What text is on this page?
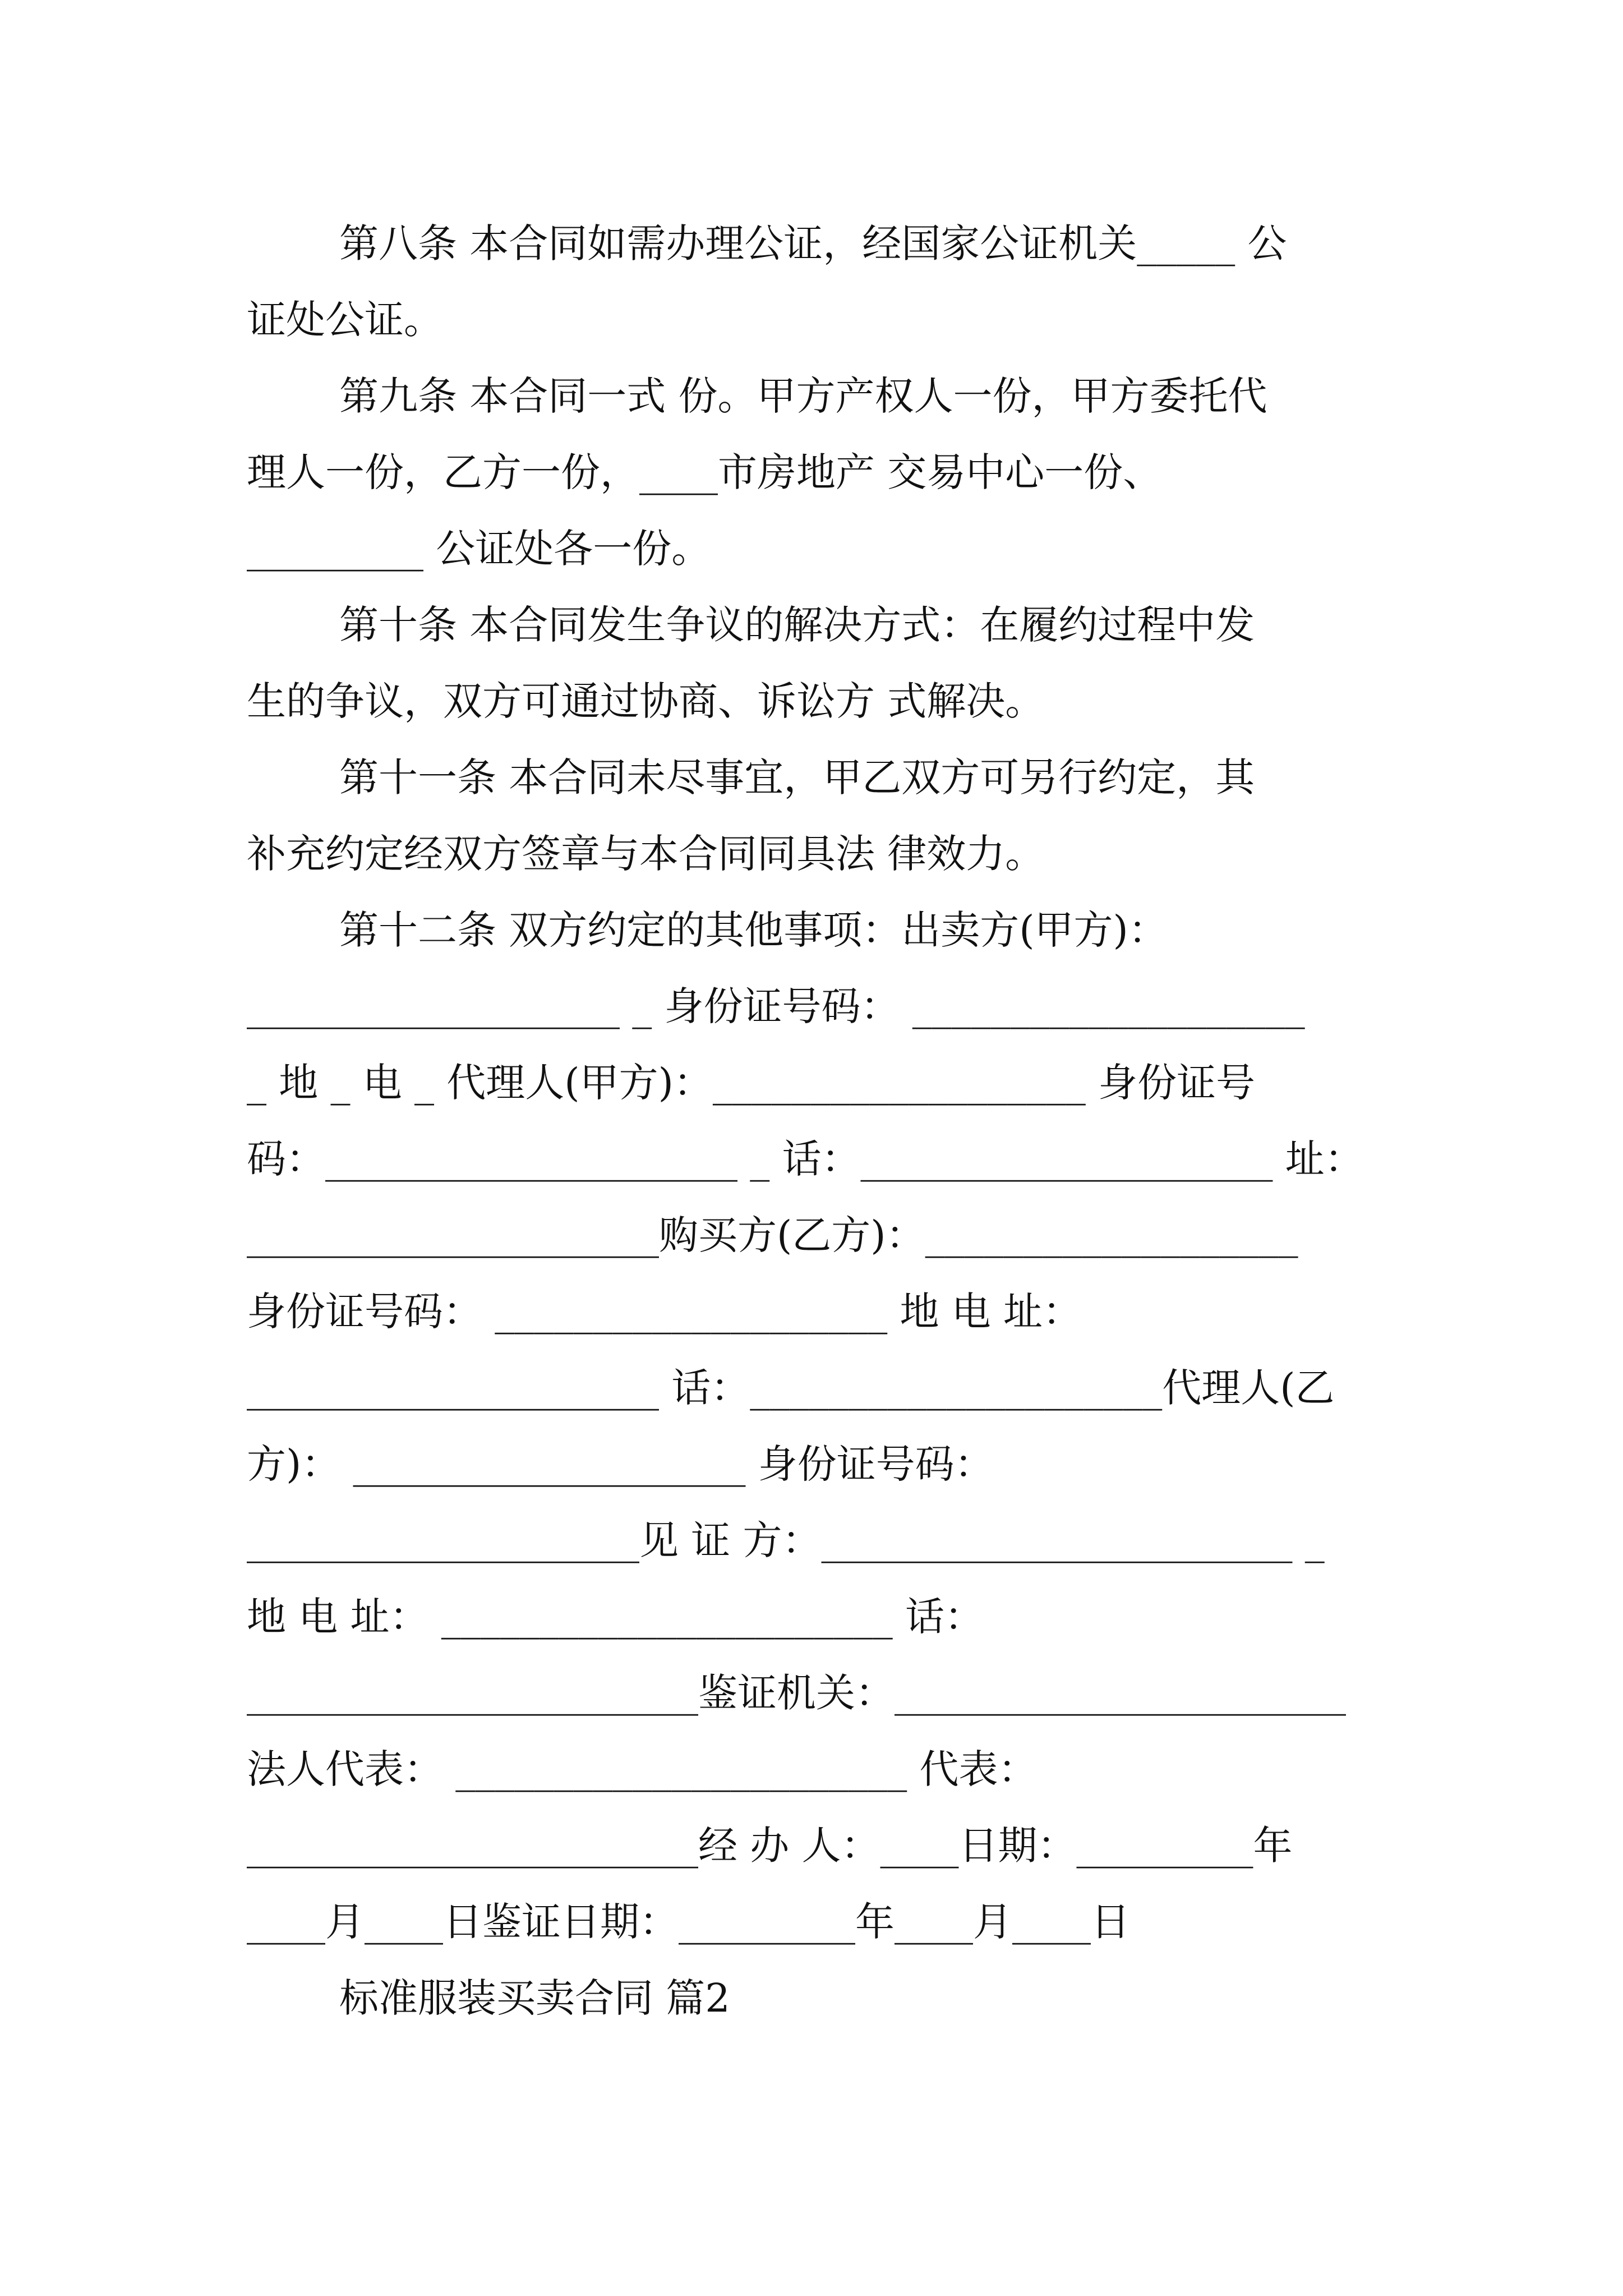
第八条 本合同如需办理公证，经国家公证机关_____ 公
证处公证。
第九条 本合同一式 份。甲方产权人一份，甲方委托代
理人一份，乙方一份，____市房地产 交易中心一份、
_________ 公证处各一份。
第十条 本合同发生争议的解决方式：在履约过程中发
生的争议，双方可通过协商、诉讼方 式解决。
第十一条 本合同未尽事宜，甲乙双方可另行约定，其
补充约定经双方签章与本合同同具法 律效力。
第十二条 双方约定的其他事项：出卖方(甲方)：
___________________ _ 身份证号码： ____________________
_ 地 _ 电 _ 代理人(甲方)：___________________ 身份证号
码：_____________________ _ 话：_____________________ 址：
_____________________购买方(乙方)：___________________
身份证号码： ____________________ 地 电 址：
_____________________ 话：_____________________代理人(乙
方)： ____________________ 身份证号码：
____________________见 证 方：________________________ _
地 电 址： _______________________ 话：
_______________________鉴证机关：_______________________
法人代表： _______________________ 代表：
_______________________经 办 人：____日期：_________年
____月____日鉴证日期：_________年____月____日
标准服装买卖合同 篇2
